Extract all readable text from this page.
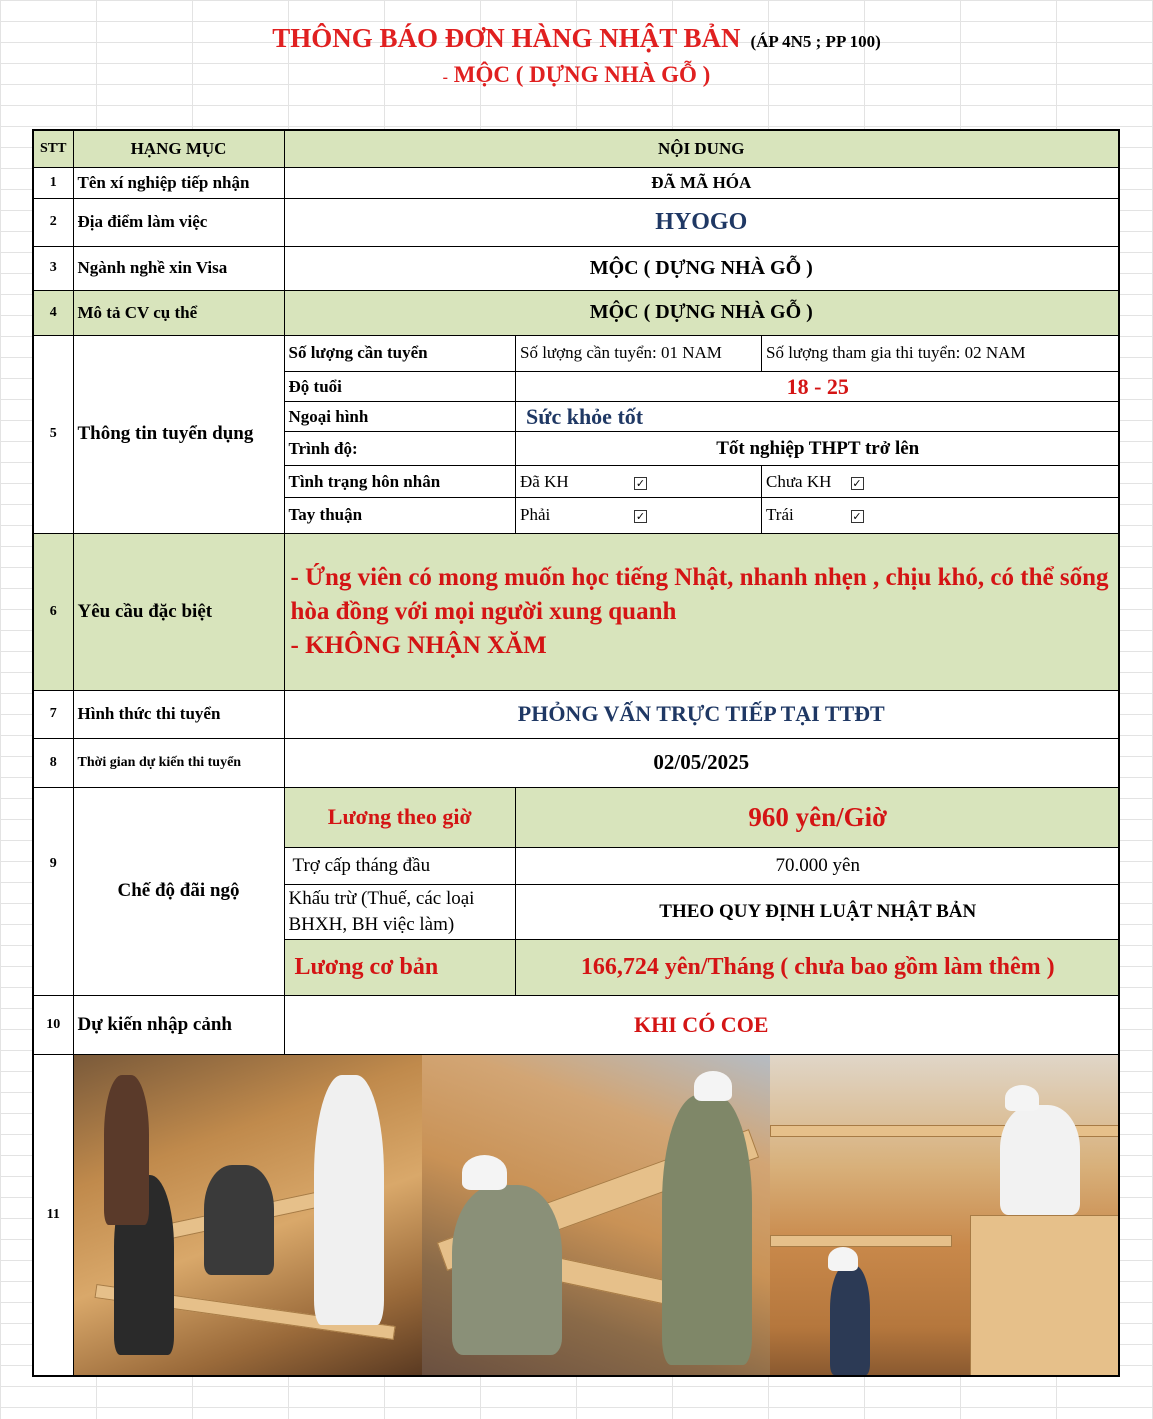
THÔNG BÁO ĐƠN HÀNG NHẬT BẢN (ÁP 4N5 ; PP 100)
- MỘC ( DỰNG NHÀ GỖ )
STT	HẠNG MỤC	NỘI DUNG
1	Tên xí nghiệp tiếp nhận	ĐÃ MÃ HÓA
2	Địa điểm làm việc	HYOGO
3	Ngành nghề xin Visa	MỘC ( DỰNG NHÀ GỖ )
4	Mô tả CV cụ thể	MỘC ( DỰNG NHÀ GỖ )
5	Thông tin tuyển dụng	
Số lượng cần tuyển	Số lượng cần tuyển: 01 NAM	Số lượng tham gia thi tuyển: 02 NAM
Độ tuổi	18 - 25
Ngoại hình	Sức khỏe tốt
Trình độ:	Tốt nghiệp THPT trở lên
Tình trạng hôn nhân	Đã KH	✓	Chưa KH ✓

Tay thuận	Phải	✓	Trái	✓

6	Yêu cầu đặc biệt	
- Ứng viên có mong muốn học tiếng Nhật, nhanh nhẹn , chịu khó, có thể sống hòa đồng với mọi người xung quanh
- KHÔNG NHẬN XĂM

7	Hình thức thi tuyển	PHỎNG VẤN TRỰC TIẾP TẠI TTĐT
8	Thời gian dự kiến thi tuyển	02/05/2025
9	Chế độ đãi ngộ	
Lương theo giờ	960 yên/Giờ
Trợ cấp tháng đầu	70.000 yên
Khấu trừ (Thuế, các loại BHXH, BH việc làm)	THEO QUY ĐỊNH LUẬT NHẬT BẢN
Lương cơ bản	166,724 yên/Tháng ( chưa bao gồm làm thêm )

10	Dự kiến nhập cảnh	KHI CÓ COE
11	
